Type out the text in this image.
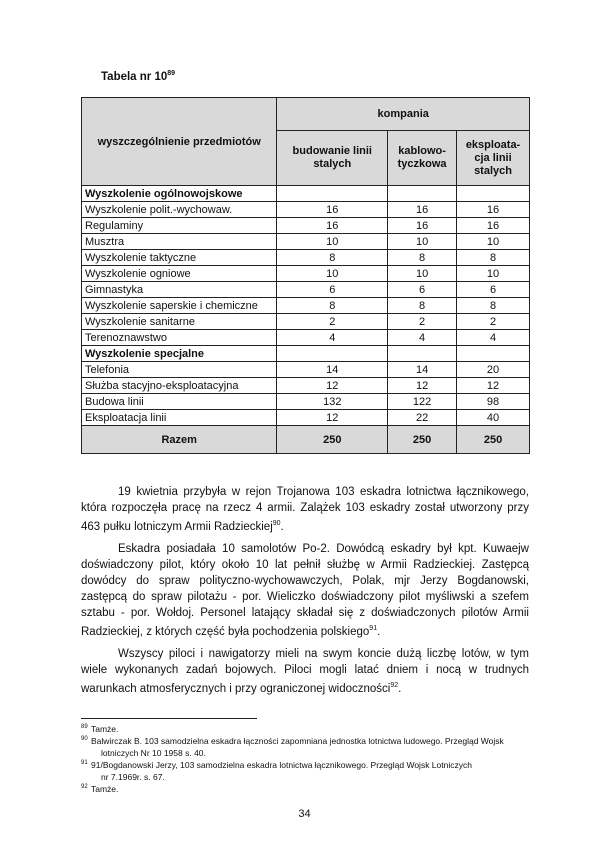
Tabela nr $10^{89}$
wyszczególnienie przedmiotów	kompania		
	budowanie linii stalych	kablowo-tyczkowa	eksploata-cja linii stalych
Wyszkolenie ogólnowojskowe			
Wyszkolenie polit.-wychowaw.	16	16	16
Regulaminy	16	16	16
Musztra	10	10	10
Wyszkolenie taktyczne	8	8	8
Wyszkolenie ogniowe	10	10	10
Gimnastyka	6	6	6
Wyszkolenie saperskie i chemiczne	8	8	8
Wyszkolenie sanitarne	2	2	2
Terenoznawstwo	4	4	4
Wyszkolenie specjalne			
Telefonia	14	14	20
Służba stacyjno-eksploatacyjna	12	12	12
Budowa linii	132	122	98
Eksploatacja linii	12	22	40
Razem	250	250	250

19 kwietnia przybyła w rejon Trojanowa 103 eskadra lotnictwa łącznikowego, która rozpoczęła pracę na rzecz 4 armii. Zalążek 103 eskadry został utworzony przy 463 pułku lotniczym Armii Radzieckiej$^{90}$.

Eskadra posiadała 10 samolotów Po-2. Dowódcą eskadry był kpt. Kuwaejw doświadczony pilot, który około 10 lat pełnił służbę w Armii Radzieckiej. Zastępcą dowódcy do spraw polityczno-wychowawczych, Polak, mjr Jerzy Bogdanowski, zastępcą do spraw pilotażu - por. Wieliczko doświadczony pilot myśliwski a szefem sztabu - por. Wołdoj. Personel latający składał się z doświadczonych pilotów Armii Radzieckiej, z których część była pochodzenia polskiego$^{91}$.

Wszyscy piloci i nawigatorzy mieli na swym koncie dużą liczbę lotów, w tym wiele wykonanych zadań bojowych. Piloci mogli latać dniem i nocą w trudnych warunkach atmosferycznych i przy ograniczonej widoczności$^{92}$.

89 Tamże.
90 Balwirczak B. 103 samodzielna eskadra łączności zapomniana jednostka lotnictwa ludowego. Przegląd Wojsk
lotniczych Nr 10 1958 s. 40.
91 91/Bogdanowski Jerzy, 103 samodzielna eskadra lotnictwa łącznikowego. Przegląd Wojsk Lotniczych
nr 7.1969r. s. 67.
92 Tamże.
34
